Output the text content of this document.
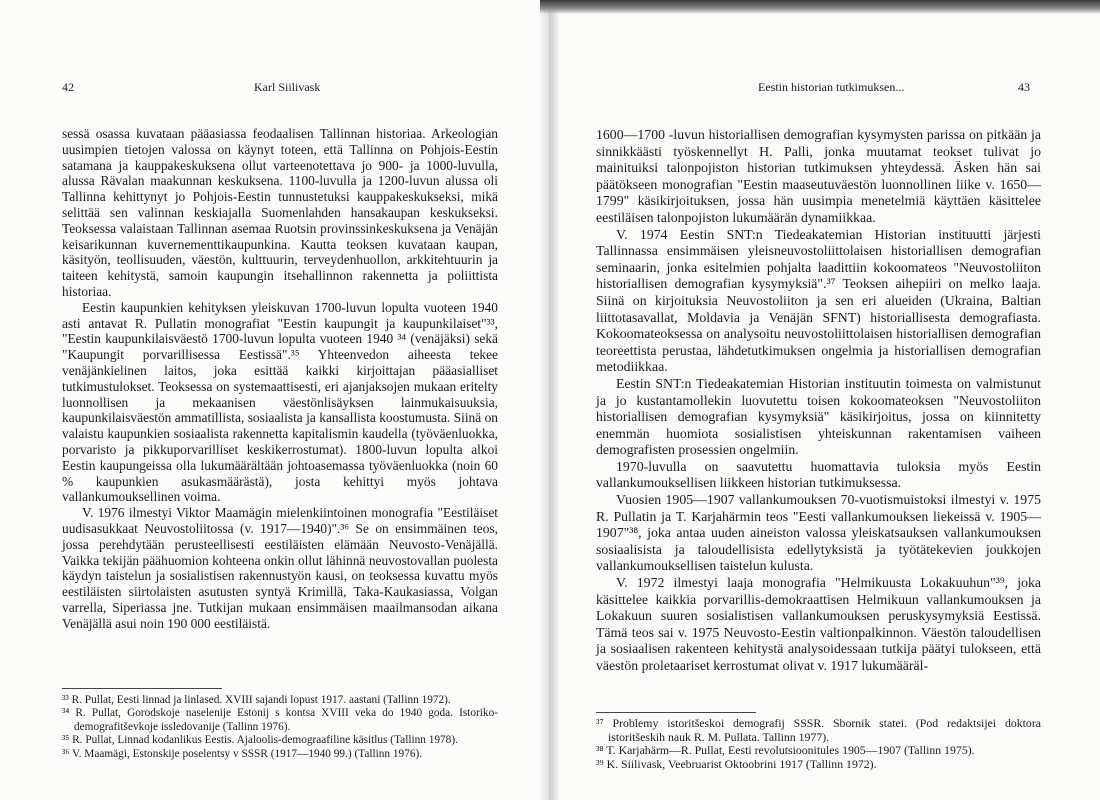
42	Karl Siilivask

sessä osassa kuvataan pääasiassa feodaalisen Tallinnan historiaa. Arkeologian uusimpien tietojen valossa on käynyt toteen, että Tallinna on Pohjois-Eestin satamana ja kauppakeskuksena ollut varteenotettava jo 900- ja 1000-luvulla, alussa Rävalan maakunnan keskuksena. 1100-luvulla ja 1200-luvun alussa oli Tallinna kehittynyt jo Pohjois-Eestin tunnustetuksi kauppakeskukseksi, mikä selittää sen valinnan keskiajalla Suomenlahden hansakaupan keskukseksi. Teoksessa valaistaan Tallinnan asemaa Ruotsin provinssinkeskuksena ja Venäjän keisarikunnan kuvernementtikaupunkina. Kautta teoksen kuvataan kaupan, käsityön, teollisuuden, väestön, kulttuurin, terveydenhuollon, arkkitehtuurin ja taiteen kehitystä, samoin kaupungin itsehallinnon rakennetta ja poliittista historiaa.

Eestin kaupunkien kehityksen yleiskuvan 1700-luvun lopulta vuoteen 1940 asti antavat R. Pullatin monografiat "Eestin kaupungit ja kaupunkilaiset"³³, "Eestin kaupunkilaisväestö 1700-luvun lopulta vuoteen 1940 ³⁴ (venäjäksi) sekä "Kaupungit porvarillisessa Eestissä".³⁵ Yhteenvedon aiheesta tekee venäjänkielinen laitos, joka esittää kaikki kirjoittajan pääasialliset tutkimustulokset. Teoksessa on systemaattisesti, eri ajanjaksojen mukaan eritelty luonnollisen ja mekaanisen väestönlisäyksen lainmukaisuuksia, kaupunkilaisväestön ammatillista, sosiaalista ja kansallista koostumusta. Siinä on valaistu kaupunkien sosiaalista rakennetta kapitalismin kaudella (työväenluokka, porvaristo ja pikkuporvarilliset keskikerrostumat). 1800-luvun lopulta alkoi Eestin kaupungeissa olla lukumäärältään johtoasemassa työväenluokka (noin 60 % kaupunkien asukasmäärästä), josta kehittyi myös johtava vallankumouksellinen voima.

V. 1976 ilmestyi Viktor Maamägin mielenkiintoinen monografia "Eestiläiset uudisasukkaat Neuvostoliitossa (v. 1917—1940)".³⁶ Se on ensimmäinen teos, jossa perehdytään perusteellisesti eestiläisten elämään Neuvosto-Venäjällä. Vaikka tekijän päähuomion kohteena onkin ollut lähinnä neuvostovallan puolesta käydyn taistelun ja sosialistisen rakennustyön kausi, on teoksessa kuvattu myös eestiläisten siirtolaisten asutusten syntyä Krimillä, Taka-Kaukasiassa, Volgan varrella, Siperiassa jne. Tutkijan mukaan ensimmäisen maailmansodan aikana Venäjällä asui noin 190 000 eestiläistä.

³³ R. Pullat, Eesti linnad ja linlased. XVIII sajandi lopust 1917. aastani (Tallinn 1972).

³⁴ R. Pullat, Gorodskoje naselenije Estonij s kontsa XVIII veka do 1940 goda. Istoriko-demografitševkoje issledovanije (Tallinn 1976).

³⁵ R. Pullat, Linnad kodanlikus Eestis. Ajaloolis-demograafiline käsitlus (Tallinn 1978).

³⁶ V. Maamägi, Estonskije poselentsy v SSSR (1917—1940 99.) (Tallinn 1976).

Eestin historian tutkimuksen...	43

1600—1700 -luvun historiallisen demografian kysymysten parissa on pitkään ja sinnikkäästi työskennellyt H. Palli, jonka muutamat teokset tulivat jo mainituiksi talonpojiston historian tutkimuksen yhteydessä. Äsken hän sai päätökseen monografian "Eestin maaseutuväestön luonnollinen liike v. 1650—1799" käsikirjoituksen, jossa hän uusimpia menetelmiä käyttäen käsittelee eestiläisen talonpojiston lukumäärän dynamiikkaa.

V. 1974 Eestin SNT:n Tiedeakatemian Historian instituutti järjesti Tallinnassa ensimmäisen yleisneuvostoliittolaisen historiallisen demografian seminaarin, jonka esitelmien pohjalta laadittiin kokoomateos "Neuvostoliiton historiallisen demografian kysymyksiä".³⁷ Teoksen aihepiiri on melko laaja. Siinä on kirjoituksia Neuvostoliiton ja sen eri alueiden (Ukraina, Baltian liittotasavallat, Moldavia ja Venäjän SFNT) historiallisesta demografiasta. Kokoomateoksessa on analysoitu neuvostoliittolaisen historiallisen demografian teoreettista perustaa, lähdetutkimuksen ongelmia ja historiallisen demografian metodiikkaa.

Eestin SNT:n Tiedeakatemian Historian instituutin toimesta on valmistunut ja jo kustantamollekin luovutettu toisen kokoomateoksen "Neuvostoliiton historiallisen demografian kysymyksiä" käsikirjoitus, jossa on kiinnitetty enemmän huomiota sosialistisen yhteiskunnan rakentamisen vaiheen demografisten prosessien ongelmiin.

1970-luvulla on saavutettu huomattavia tuloksia myös Eestin vallankumouksellisen liikkeen historian tutkimuksessa.

Vuosien 1905—1907 vallankumouksen 70-vuotismuistoksi ilmestyi v. 1975 R. Pullatin ja T. Karjahärmin teos "Eesti vallankumouksen liekeissä v. 1905—1907"³⁸, joka antaa uuden aineiston valossa yleiskatsauksen vallankumouksen sosiaalisista ja taloudellisista edellytyksistä ja työtätekevien joukkojen vallankumouksellisen taistelun kulusta.

V. 1972 ilmestyi laaja monografia "Helmikuusta Lokakuuhun"³⁹, joka käsittelee kaikkia porvarillis-demokraattisen Helmikuun vallankumouksen ja Lokakuun suuren sosialistisen vallankumouksen peruskysymyksiä Eestissä. Tämä teos sai v. 1975 Neuvosto-Eestin valtionpalkinnon. Väestön taloudellisen ja sosiaalisen rakenteen kehitystä analysoidessaan tutkija päätyi tulokseen, että väestön proletaariset kerrostumat olivat v. 1917 lukumääräl-

³⁷ Problemy istoritšeskoi demografij SSSR. Sbornik statei. (Pod redaktsijei doktora istoritšeskih nauk R. M. Pullata. Tallinn 1977).

³⁸ T. Karjahärm—R. Pullat, Eesti revolutsioonitules 1905—1907 (Tallinn 1975).

³⁹ K. Siilivask, Veebruarist Oktoobrini 1917 (Tallinn 1972).
